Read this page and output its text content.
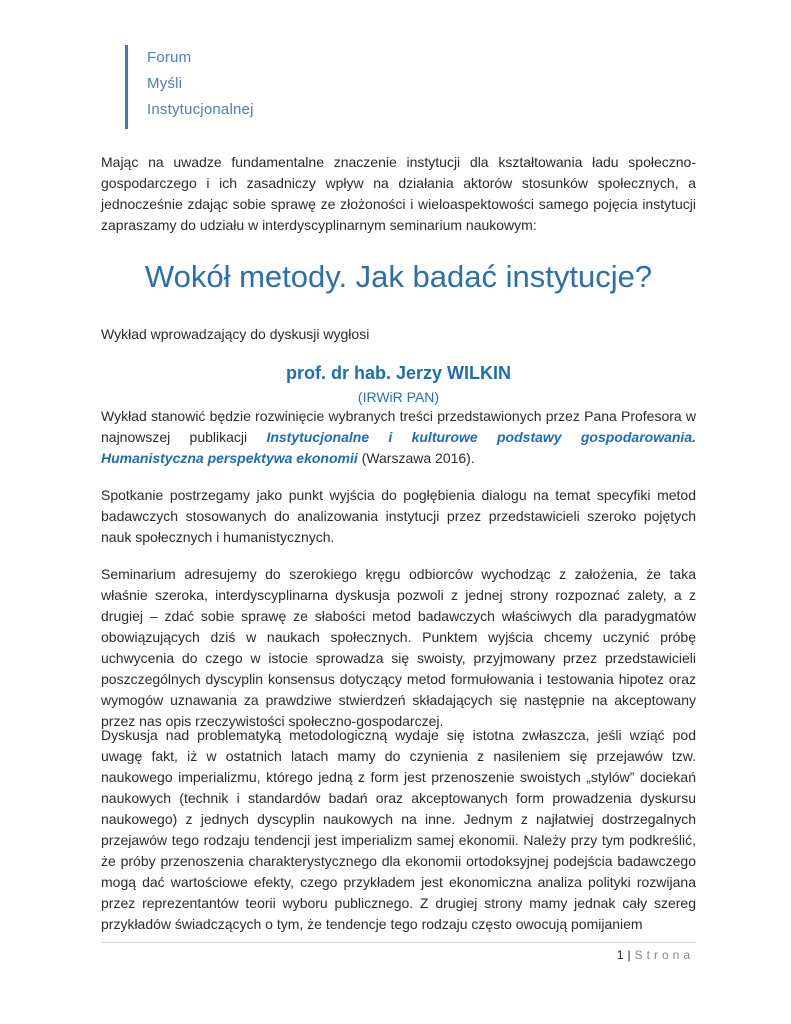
Forum
Myśli
Instytucjonalnej

Mając na uwadze fundamentalne znaczenie instytucji dla kształtowania ładu społeczno-gospodarczego i ich zasadniczy wpływ na działania aktorów stosunków społecznych, a jednocześnie zdając sobie sprawę ze złożoności i wieloaspektowości samego pojęcia instytucji zapraszamy do udziału w interdyscyplinarnym seminarium naukowym:

Wokół metody. Jak badać instytucje?

Wykład wprowadzający do dyskusji wygłosi

prof. dr hab. Jerzy WILKIN
(IRWiR PAN)

Wykład stanowić będzie rozwinięcie wybranych treści przedstawionych przez Pana Profesora w najnowszej publikacji Instytucjonalne i kulturowe podstawy gospodarowania. Humanistyczna perspektywa ekonomii (Warszawa 2016).

Spotkanie postrzegamy jako punkt wyjścia do pogłębienia dialogu na temat specyfiki metod badawczych stosowanych do analizowania instytucji przez przedstawicieli szeroko pojętych nauk społecznych i humanistycznych.

Seminarium adresujemy do szerokiego kręgu odbiorców wychodząc z założenia, że taka właśnie szeroka, interdyscyplinarna dyskusja pozwoli z jednej strony rozpoznać zalety, a z drugiej – zdać sobie sprawę ze słabości metod badawczych właściwych dla paradygmatów obowiązujących dziś w naukach społecznych. Punktem wyjścia chcemy uczynić próbę uchwycenia do czego w istocie sprowadza się swoisty, przyjmowany przez przedstawicieli poszczególnych dyscyplin konsensus dotyczący metod formułowania i testowania hipotez oraz wymogów uznawania za prawdziwe stwierdzeń składających się następnie na akceptowany przez nas opis rzeczywistości społeczno-gospodarczej.

Dyskusja nad problematyką metodologiczną wydaje się istotna zwłaszcza, jeśli wziąć pod uwagę fakt, iż w ostatnich latach mamy do czynienia z nasileniem się przejawów tzw. naukowego imperializmu, którego jedną z form jest przenoszenie swoistych „stylów” dociekań naukowych (technik i standardów badań oraz akceptowanych form prowadzenia dyskursu naukowego) z jednych dyscyplin naukowych na inne. Jednym z najłatwiej dostrzegalnych przejawów tego rodzaju tendencji jest imperializm samej ekonomii. Należy przy tym podkreślić, że próby przenoszenia charakterystycznego dla ekonomii ortodoksyjnej podejścia badawczego mogą dać wartościowe efekty, czego przykładem jest ekonomiczna analiza polityki rozwijana przez reprezentantów teorii wyboru publicznego. Z drugiej strony mamy jednak cały szereg przykładów świadczących o tym, że tendencje tego rodzaju często owocują pomijaniem

1 | Strona
